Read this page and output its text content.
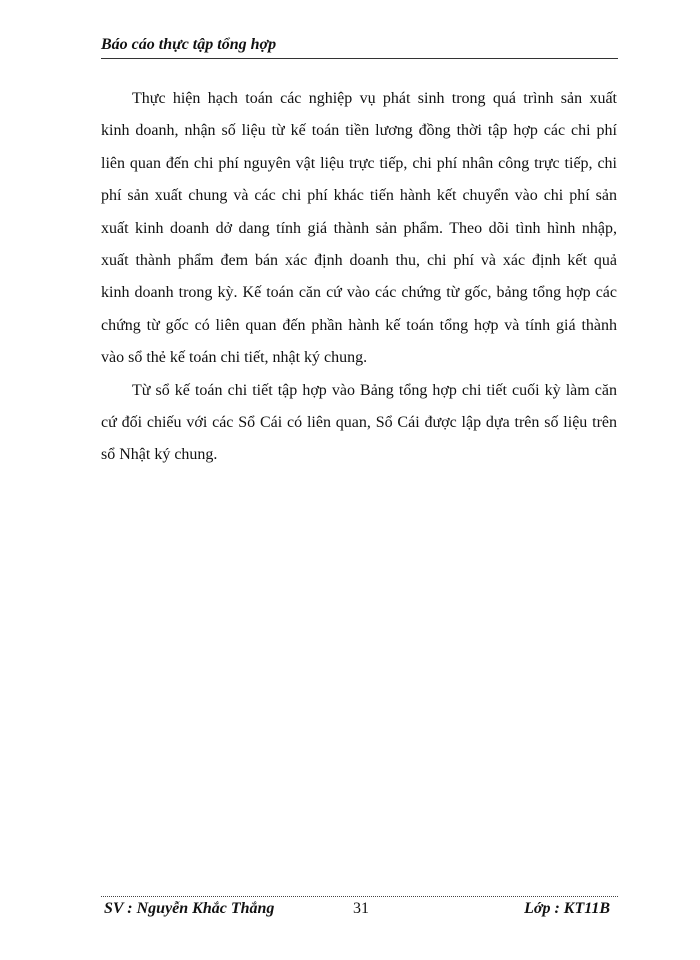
Báo cáo thực tập tổng hợp
Thực hiện hạch toán các nghiệp vụ phát sinh trong quá trình sản xuất
kinh doanh, nhận số liệu từ kế toán tiền lương đồng thời tập hợp các chi phí
liên quan đến chi phí nguyên vật liệu trực tiếp, chi phí nhân công trực tiếp, chi
phí sản xuất chung và các chi phí khác tiến hành kết chuyển vào chi phí sản
xuất kinh doanh dở dang tính giá thành sản phẩm. Theo dõi tình hình nhập,
xuất thành phẩm đem bán xác định doanh thu, chi phí và xác định kết quả
kinh doanh trong kỳ. Kế toán căn cứ vào các chứng từ gốc, bảng tổng hợp các
chứng từ gốc có liên quan đến phần hành kế toán tổng hợp và tính giá thành
vào sổ thẻ kế toán chi tiết, nhật ký chung.
Từ sổ kế toán chi tiết tập hợp vào Bảng tổng hợp chi tiết cuối kỳ làm căn
cứ đối chiếu với các Sổ Cái có liên quan, Sổ Cái được lập dựa trên số liệu trên
sổ Nhật ký chung.
SV : Nguyễn Khắc Thắng	31	Lớp : KT11B
